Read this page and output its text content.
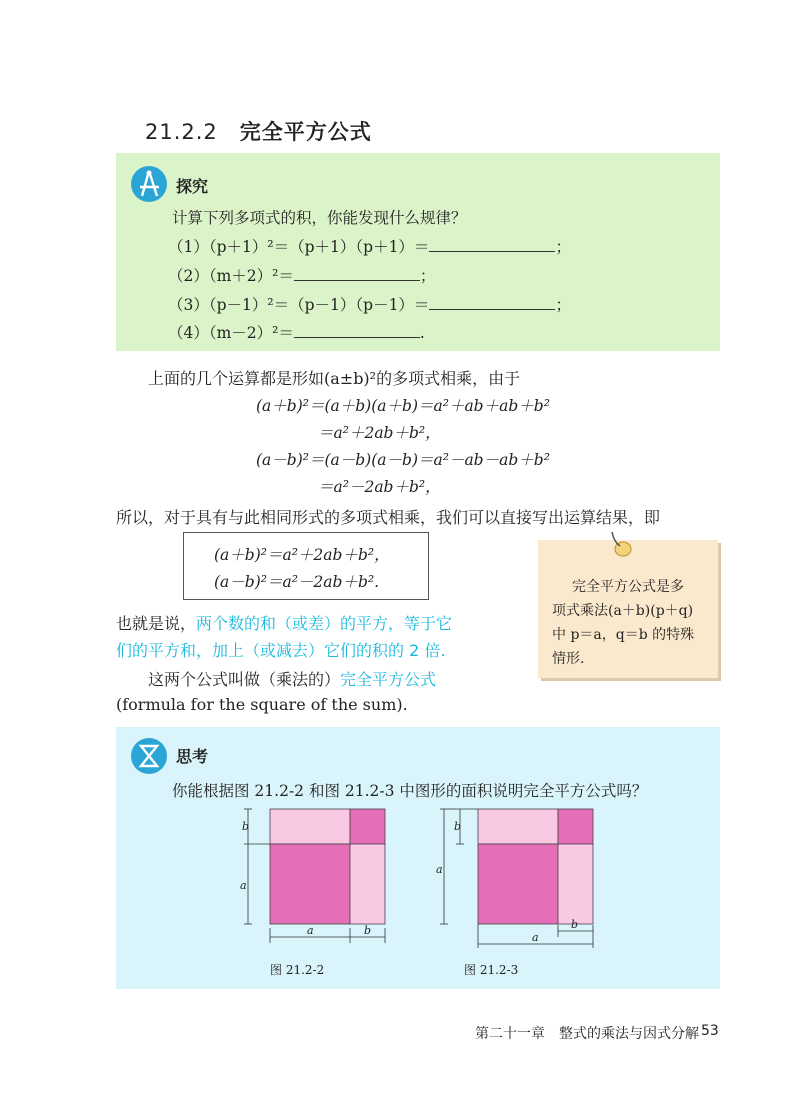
21.2.2 完全平方公式
探究
计算下列多项式的积，你能发现什么规律？
（1）（p＋1）²＝（p＋1）（p＋1）＝	；
（2）（m＋2）²＝	；
（3）（p－1）²＝（p－1）（p－1）＝	；
（4）（m－2）²＝	.
上面的几个运算都是形如(a±b)²的多项式相乘，由于
(a＋b)²＝(a＋b)(a＋b)＝a²＋ab＋ab＋b²
＝a²＋2ab＋b²，
(a－b)²＝(a－b)(a－b)＝a²－ab－ab＋b²
＝a²－2ab＋b²，
所以，对于具有与此相同形式的多项式相乘，我们可以直接写出运算结果，即
(a＋b)²＝a²＋2ab＋b²，
(a－b)²＝a²－2ab＋b².
也就是说，两个数的和（或差）的平方，等于它
们的平方和，加上（或减去）它们的积的 2 倍.
这两个公式叫做（乘法的）完全平方公式
(formula for the square of the sum).
完全平方公式是多
项式乘法(a＋b)(p＋q)
中 p＝a，q＝b 的特殊
情形.
思考
你能根据图 21.2-2 和图 21.2-3 中图形的面积说明完全平方公式吗？
b
a
a	b
图 21.2-2
b
a
b
a
图 21.2-3
第二十一章　整式的乘法与因式分解 53
